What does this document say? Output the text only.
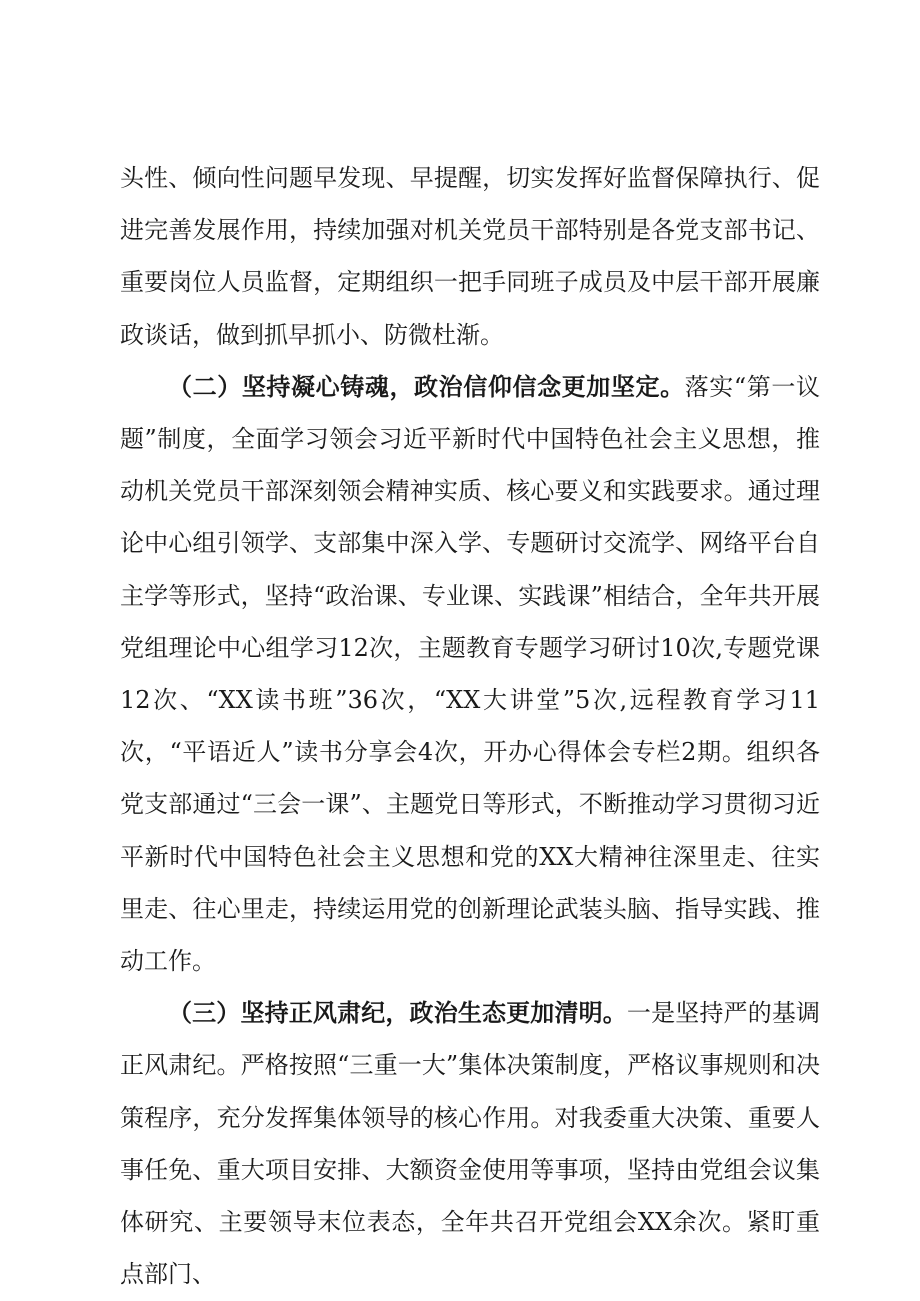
头性、倾向性问题早发现、早提醒，切实发挥好监督保障执行、促进完善发展作用，持续加强对机关党员干部特别是各党支部书记、重要岗位人员监督，定期组织一把手同班子成员及中层干部开展廉政谈话，做到抓早抓小、防微杜渐。

（二）坚持凝心铸魂，政治信仰信念更加坚定。落实“第一议题”制度，全面学习领会习近平新时代中国特色社会主义思想，推动机关党员干部深刻领会精神实质、核心要义和实践要求。通过理论中心组引领学、支部集中深入学、专题研讨交流学、网络平台自主学等形式，坚持“政治课、专业课、实践课”相结合，全年共开展党组理论中心组学习12次，主题教育专题学习研讨10次,专题党课12次、“XX读书班”36次，“XX大讲堂”5次,远程教育学习11次，“平语近人”读书分享会4次，开办心得体会专栏2期。组织各党支部通过“三会一课”、主题党日等形式，不断推动学习贯彻习近平新时代中国特色社会主义思想和党的XX大精神往深里走、往实里走、往心里走，持续运用党的创新理论武装头脑、指导实践、推动工作。

（三）坚持正风肃纪，政治生态更加清明。一是坚持严的基调正风肃纪。严格按照“三重一大”集体决策制度，严格议事规则和决策程序，充分发挥集体领导的核心作用。对我委重大决策、重要人事任免、重大项目安排、大额资金使用等事项，坚持由党组会议集体研究、主要领导末位表态，全年共召开党组会XX余次。紧盯重点部门、
